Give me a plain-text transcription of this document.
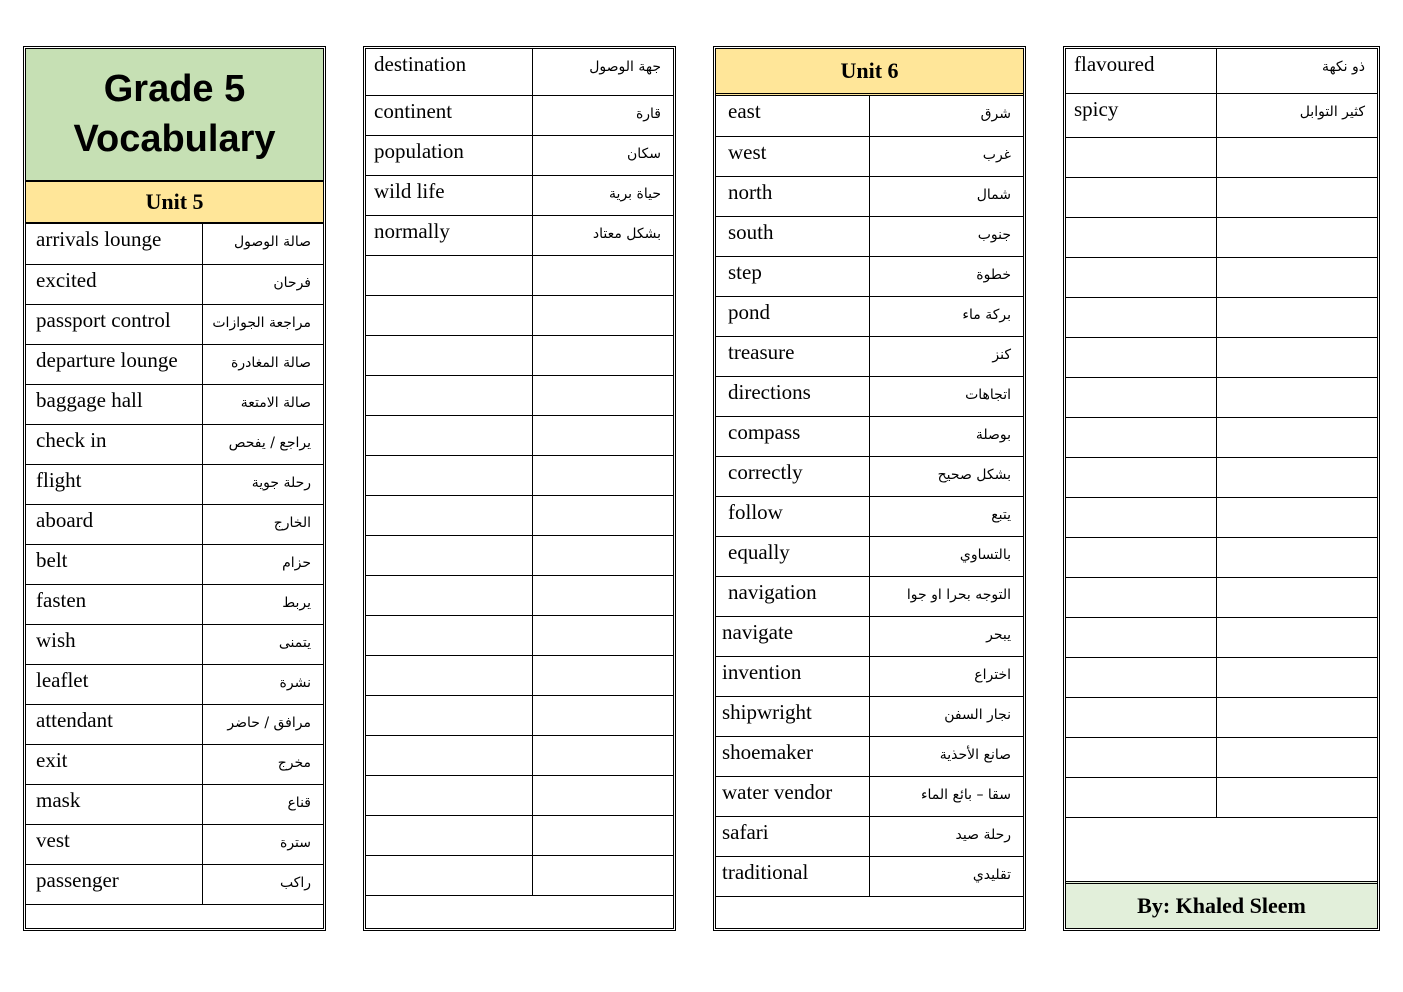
Grade 5
Vocabulary
Unit 5
arrivals lounge	صالة الوصول
excited	فرحان
passport control	مراجعة الجوازات
departure lounge	صالة المغادرة
baggage hall	صالة الامتعة
check in	يراجع / يفحص
flight	رحلة جوية
aboard	الخارج
belt	حزام
fasten	يربط
wish	يتمنى
leaflet	نشرة
attendant	مرافق / حاضر
exit	مخرج
mask	قناع
vest	سترة
passenger	راكب
destination	جهة الوصول
continent	قارة
population	سكان
wild life	حياة برية
normally	بشكل معتاد

Unit 6
east	شرق
west	غرب
north	شمال
south	جنوب
step	خطوة
pond	بركة ماء
treasure	كنز
directions	اتجاهات
compass	بوصلة
correctly	بشكل صحيح
follow	يتبع
equally	بالتساوي
navigation	التوجه بحرا او جوا
navigate	يبحر
invention	اختراع
shipwright	نجار السفن
shoemaker	صانع الأحذية
water vendor	سقا – بائع الماء
safari	رحلة صيد
traditional	تقليدي
flavoured	ذو نكهة
spicy	كثير التوابل

By: Khaled Sleem
